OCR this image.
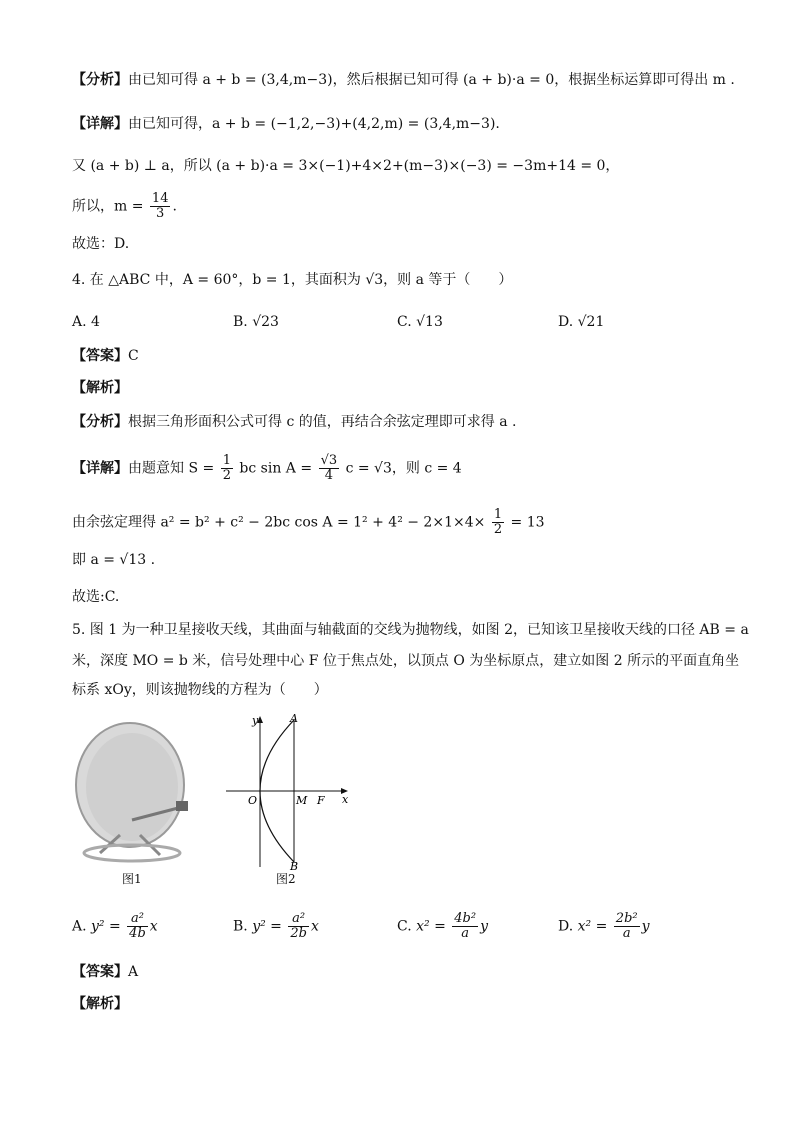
【分析】由已知可得 a + b = (3,4,m−3)，然后根据已知可得 (a + b)·a = 0，根据坐标运算即可得出 m .
【详解】由已知可得，a + b = (−1,2,−3)+(4,2,m) = (3,4,m−3).
又 (a + b) ⊥ a，所以 (a + b)·a = 3×(−1)+4×2+(m−3)×(−3) = −3m+14 = 0，
所以，$m = \frac{14}{3}$ .
故选：D.
4. 在 △ABC 中，A = 60°，b = 1，其面积为 √3，则 a 等于（　　）
A. 4	B. √23	C. √13	D. √21
【答案】C
【解析】
【分析】根据三角形面积公式可得 c 的值，再结合余弦定理即可求得 a .
【详解】由题意知 $S = \frac{1}{2}$ bc $\sin A = \frac{√3}{4}$ c = √3，则 c = 4
由余弦定理得 a² = b² + c² − 2bc $\cos A = 1^2 + 4^2 - 2\times 1\times 4\times \frac{1}{2} = 13$
即 a = √13 .
故选:C.
5. 图 1 为一种卫星接收天线，其曲面与轴截面的交线为抛物线，如图 2，已知该卫星接收天线的口径 AB = a
米，深度 MO = b 米，信号处理中心 F 位于焦点处，以顶点 O 为坐标原点，建立如图 2 所示的平面直角坐
标系 xOy，则该抛物线的方程为（　　）
图1
y	A
O	M F x
B
图2
A. $y^2 = \frac{\text{a²}}{4b}$ x	B. $y^2 = \frac{\text{a²}}{2b}$ x	C. $x^2 = \frac{\text{4b²}}{a}$ y	D. $x^2 = \frac{\text{2b²}}{a}$ y
【答案】A
【解析】
